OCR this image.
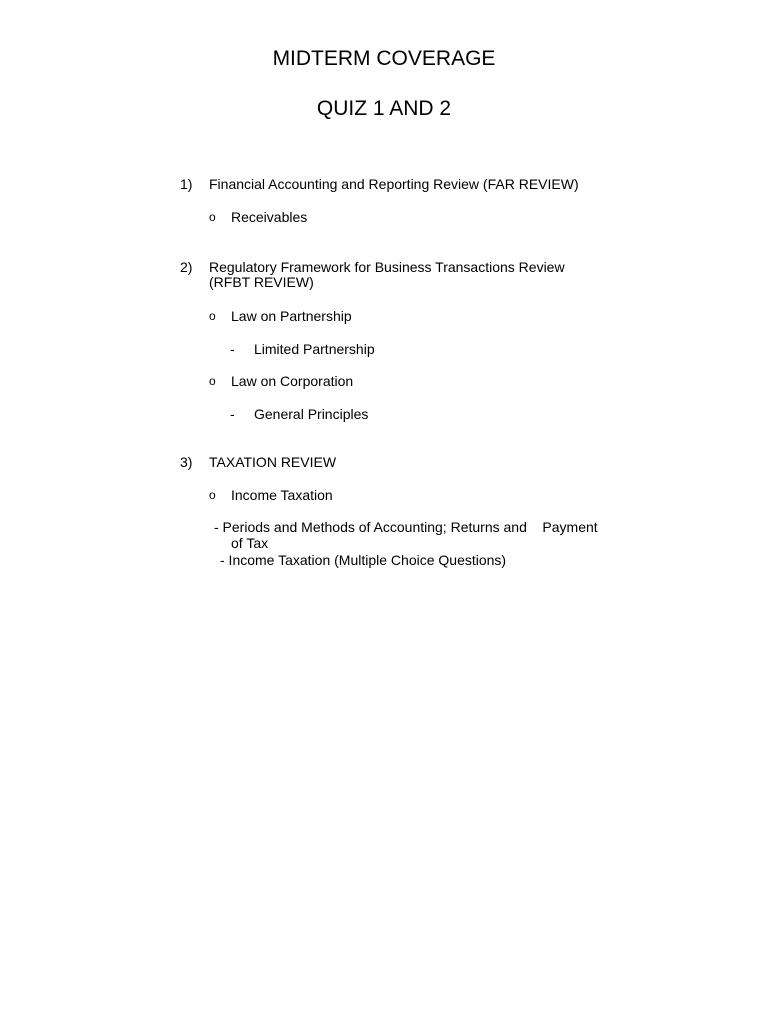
MIDTERM COVERAGE
QUIZ 1 AND 2
1) Financial Accounting and Reporting Review (FAR REVIEW)
o Receivables
2) Regulatory Framework for Business Transactions Review
(RFBT REVIEW)
o Law on Partnership
- Limited Partnership
o Law on Corporation
- General Principles
3) TAXATION REVIEW
o Income Taxation
- Periods and Methods of Accounting; Returns and    Payment
of Tax
- Income Taxation (Multiple Choice Questions)
